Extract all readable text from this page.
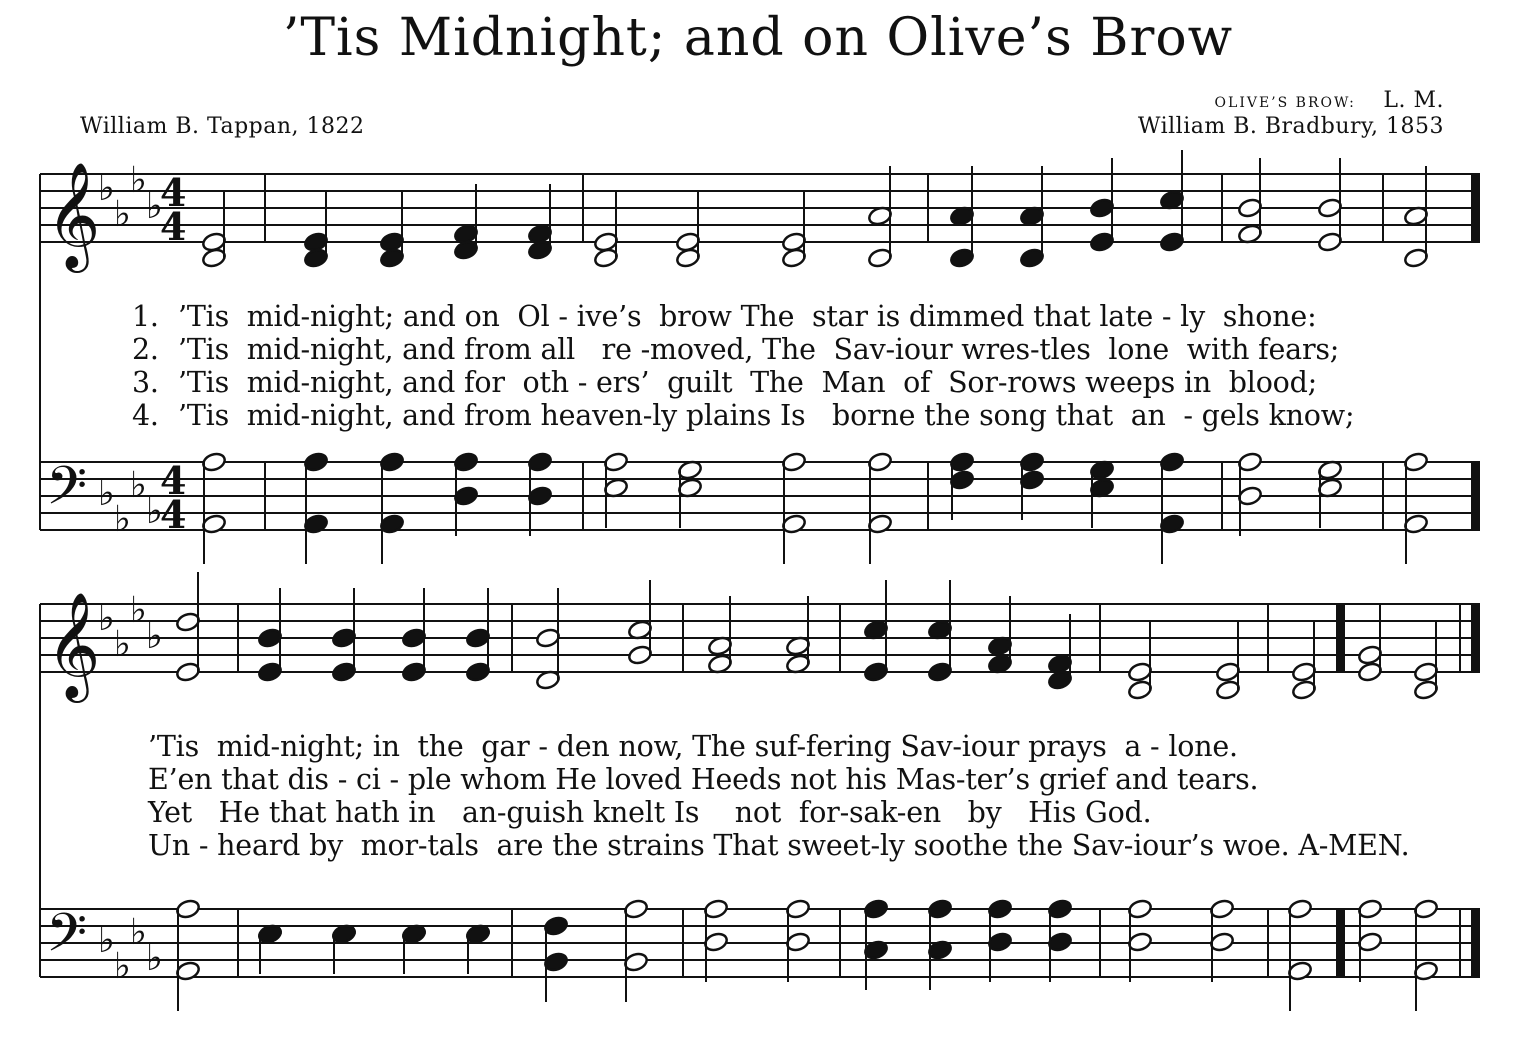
’Tis Midnight; and on Olive’s Brow
OLIVE’S BROW: L. M.
William B. Tappan, 1822	William B. Bradbury, 1853
𝄞
♭
♭
♭
♭
4
4
𝄢 ♭
♭
♭
♭
4
4
𝄞
♭
♭
♭
♭
𝄢 ♭
♭
♭
♭
1. ’Tis  mid-night; and on  Ol - ive’s  brow The  star is dimmed that late - ly  shone:
2. ’Tis  mid-night, and from all   re -moved, The  Sav-iour wres-tles  lone  with fears;
3. ’Tis  mid-night, and for  oth - ers’  guilt  The  Man  of  Sor-rows weeps in  blood;
4. ’Tis  mid-night, and from heaven-ly plains Is   borne the song that  an  - gels know;
’Tis  mid-night; in  the  gar - den now, The suf-fering Sav-iour prays  a - lone.
E’en that dis - ci - ple whom He loved Heeds not his Mas-ter’s grief and tears.
Yet   He that hath in   an-guish knelt Is    not  for-sak-en   by   His God.
Un - heard by  mor-tals  are the strains That sweet-ly soothe the Sav-iour’s woe. A-MEN.
